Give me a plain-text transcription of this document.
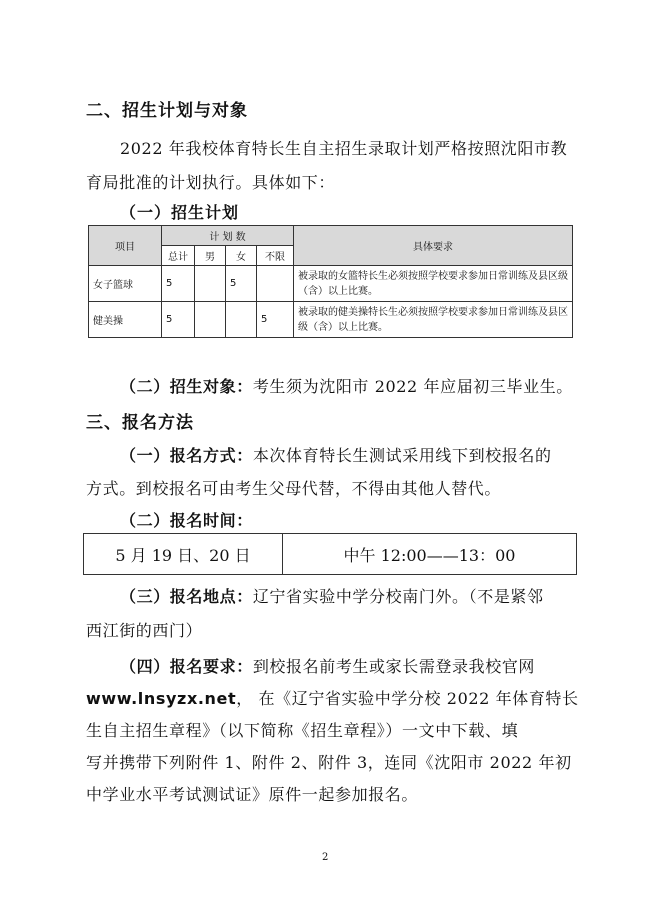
二、招生计划与对象
2022 年我校体育特长生自主招生录取计划严格按照沈阳市教
育局批准的计划执行。具体如下：
（一）招生计划
项目	计 划 数				具体要求
	总计	男	女	不限	
女子篮球	5		5		被录取的女篮特长生必须按照学校要求参加日常训练及县区级（含）以上比赛。
健美操	5			5	被录取的健美操特长生必须按照学校要求参加日常训练及县区级（含）以上比赛。
（二）招生对象：考生须为沈阳市 2022 年应届初三毕业生。
三、报名方法
（一）报名方式：本次体育特长生测试采用线下到校报名的
方式。到校报名可由考生父母代替，不得由其他人替代。
（二）报名时间：
5 月 19 日、20 日	中午 12:00——13：00
（三）报名地点：辽宁省实验中学分校南门外。（不是紧邻
西江街的西门）
（四）报名要求：到校报名前考生或家长需登录我校官网
www.lnsyzx.net， 在《辽宁省实验中学分校 2022 年体育特长
生自主招生章程》（以下简称《招生章程》）一文中下载、填
写并携带下列附件 1、附件 2、附件 3，连同《沈阳市 2022 年初
中学业水平考试测试证》原件一起参加报名。
2
